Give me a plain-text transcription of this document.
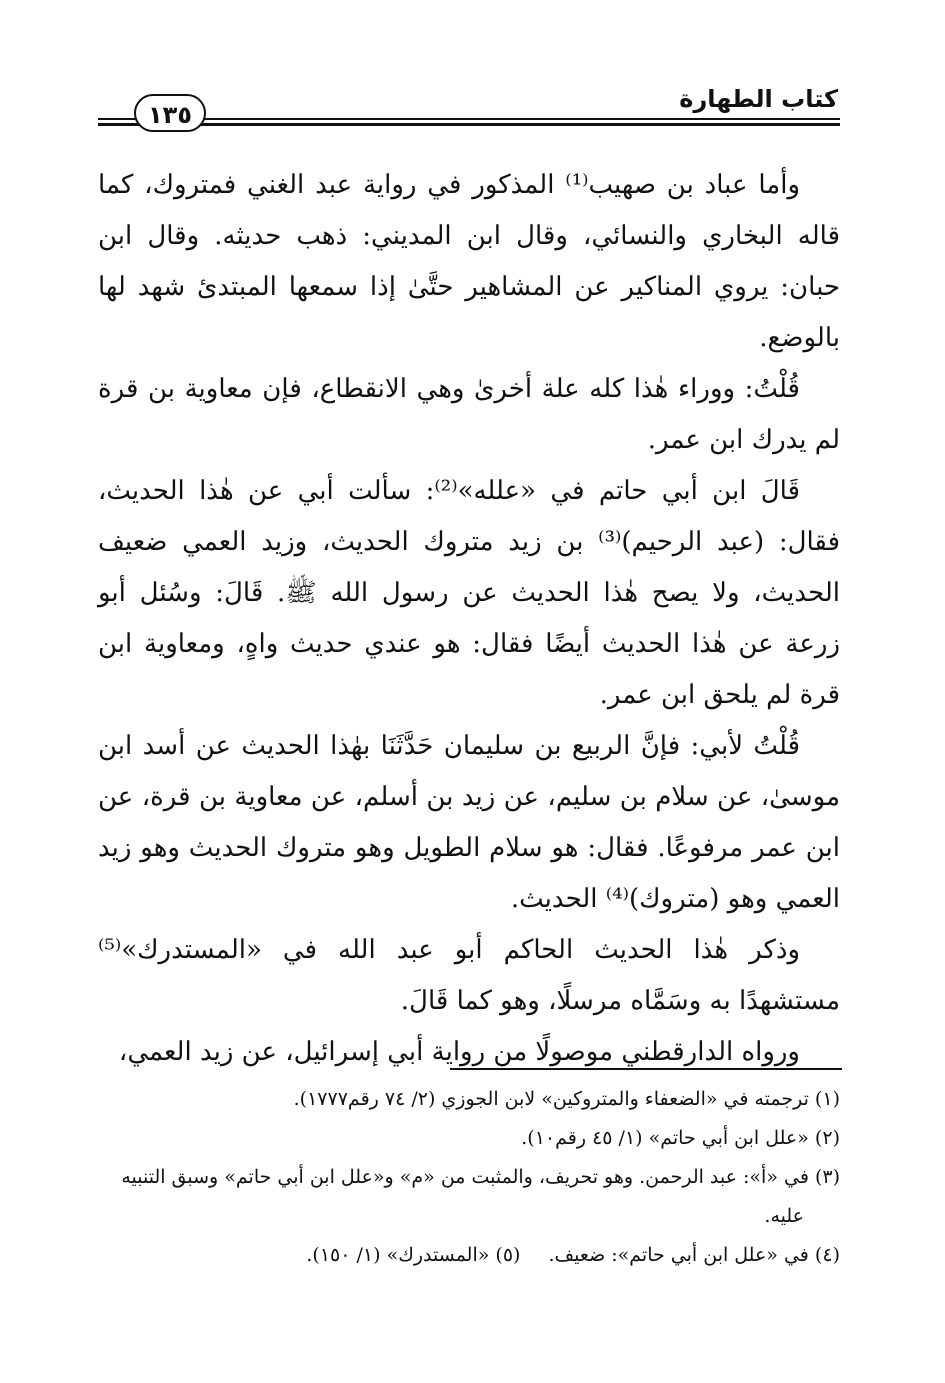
كتاب الطهارة
١٣٥

وأما عباد بن صهيب⁽¹⁾ المذكور في رواية عبد الغني فمتروك، كما قاله البخاري والنسائي، وقال ابن المديني: ذهب حديثه. وقال ابن حبان: يروي المناكير عن المشاهير حتَّىٰ إذا سمعها المبتدئ شهد لها بالوضع.

قُلْتُ: ووراء هٰذا كله علة أخرىٰ وهي الانقطاع، فإن معاوية بن قرة لم يدرك ابن عمر.

قَالَ ابن أبي حاتم في «علله»⁽²⁾: سألت أبي عن هٰذا الحديث، فقال: (عبد الرحيم)⁽³⁾ بن زيد متروك الحديث، وزيد العمي ضعيف الحديث، ولا يصح هٰذا الحديث عن رسول الله ﷺ. قَالَ: وسُئل أبو زرعة عن هٰذا الحديث أيضًا فقال: هو عندي حديث واهٍ، ومعاوية ابن قرة لم يلحق ابن عمر.

قُلْتُ لأبي: فإنَّ الربيع بن سليمان حَدَّثَنَا بهٰذا الحديث عن أسد ابن موسىٰ، عن سلام بن سليم، عن زيد بن أسلم، عن معاوية بن قرة، عن ابن عمر مرفوعًا. فقال: هو سلام الطويل وهو متروك الحديث وهو زيد العمي وهو (متروك)⁽⁴⁾ الحديث.

وذكر هٰذا الحديث الحاكم أبو عبد الله في «المستدرك»⁽⁵⁾ مستشهدًا به وسَمَّاه مرسلًا، وهو كما قَالَ.

ورواه الدارقطني موصولًا من رواية أبي إسرائيل، عن زيد العمي،

(١) ترجمته في «الضعفاء والمتروكين» لابن الجوزي (٢/ ٧٤ رقم١٧٧٧).
(٢) «علل ابن أبي حاتم» (١/ ٤٥ رقم١٠).
(٣) في «أ»: عبد الرحمن. وهو تحريف، والمثبت من «م» و«علل ابن أبي حاتم» وسبق التنبيه عليه.
(٤) في «علل ابن أبي حاتم»: ضعيف.(٥) «المستدرك» (١/ ١٥٠).
